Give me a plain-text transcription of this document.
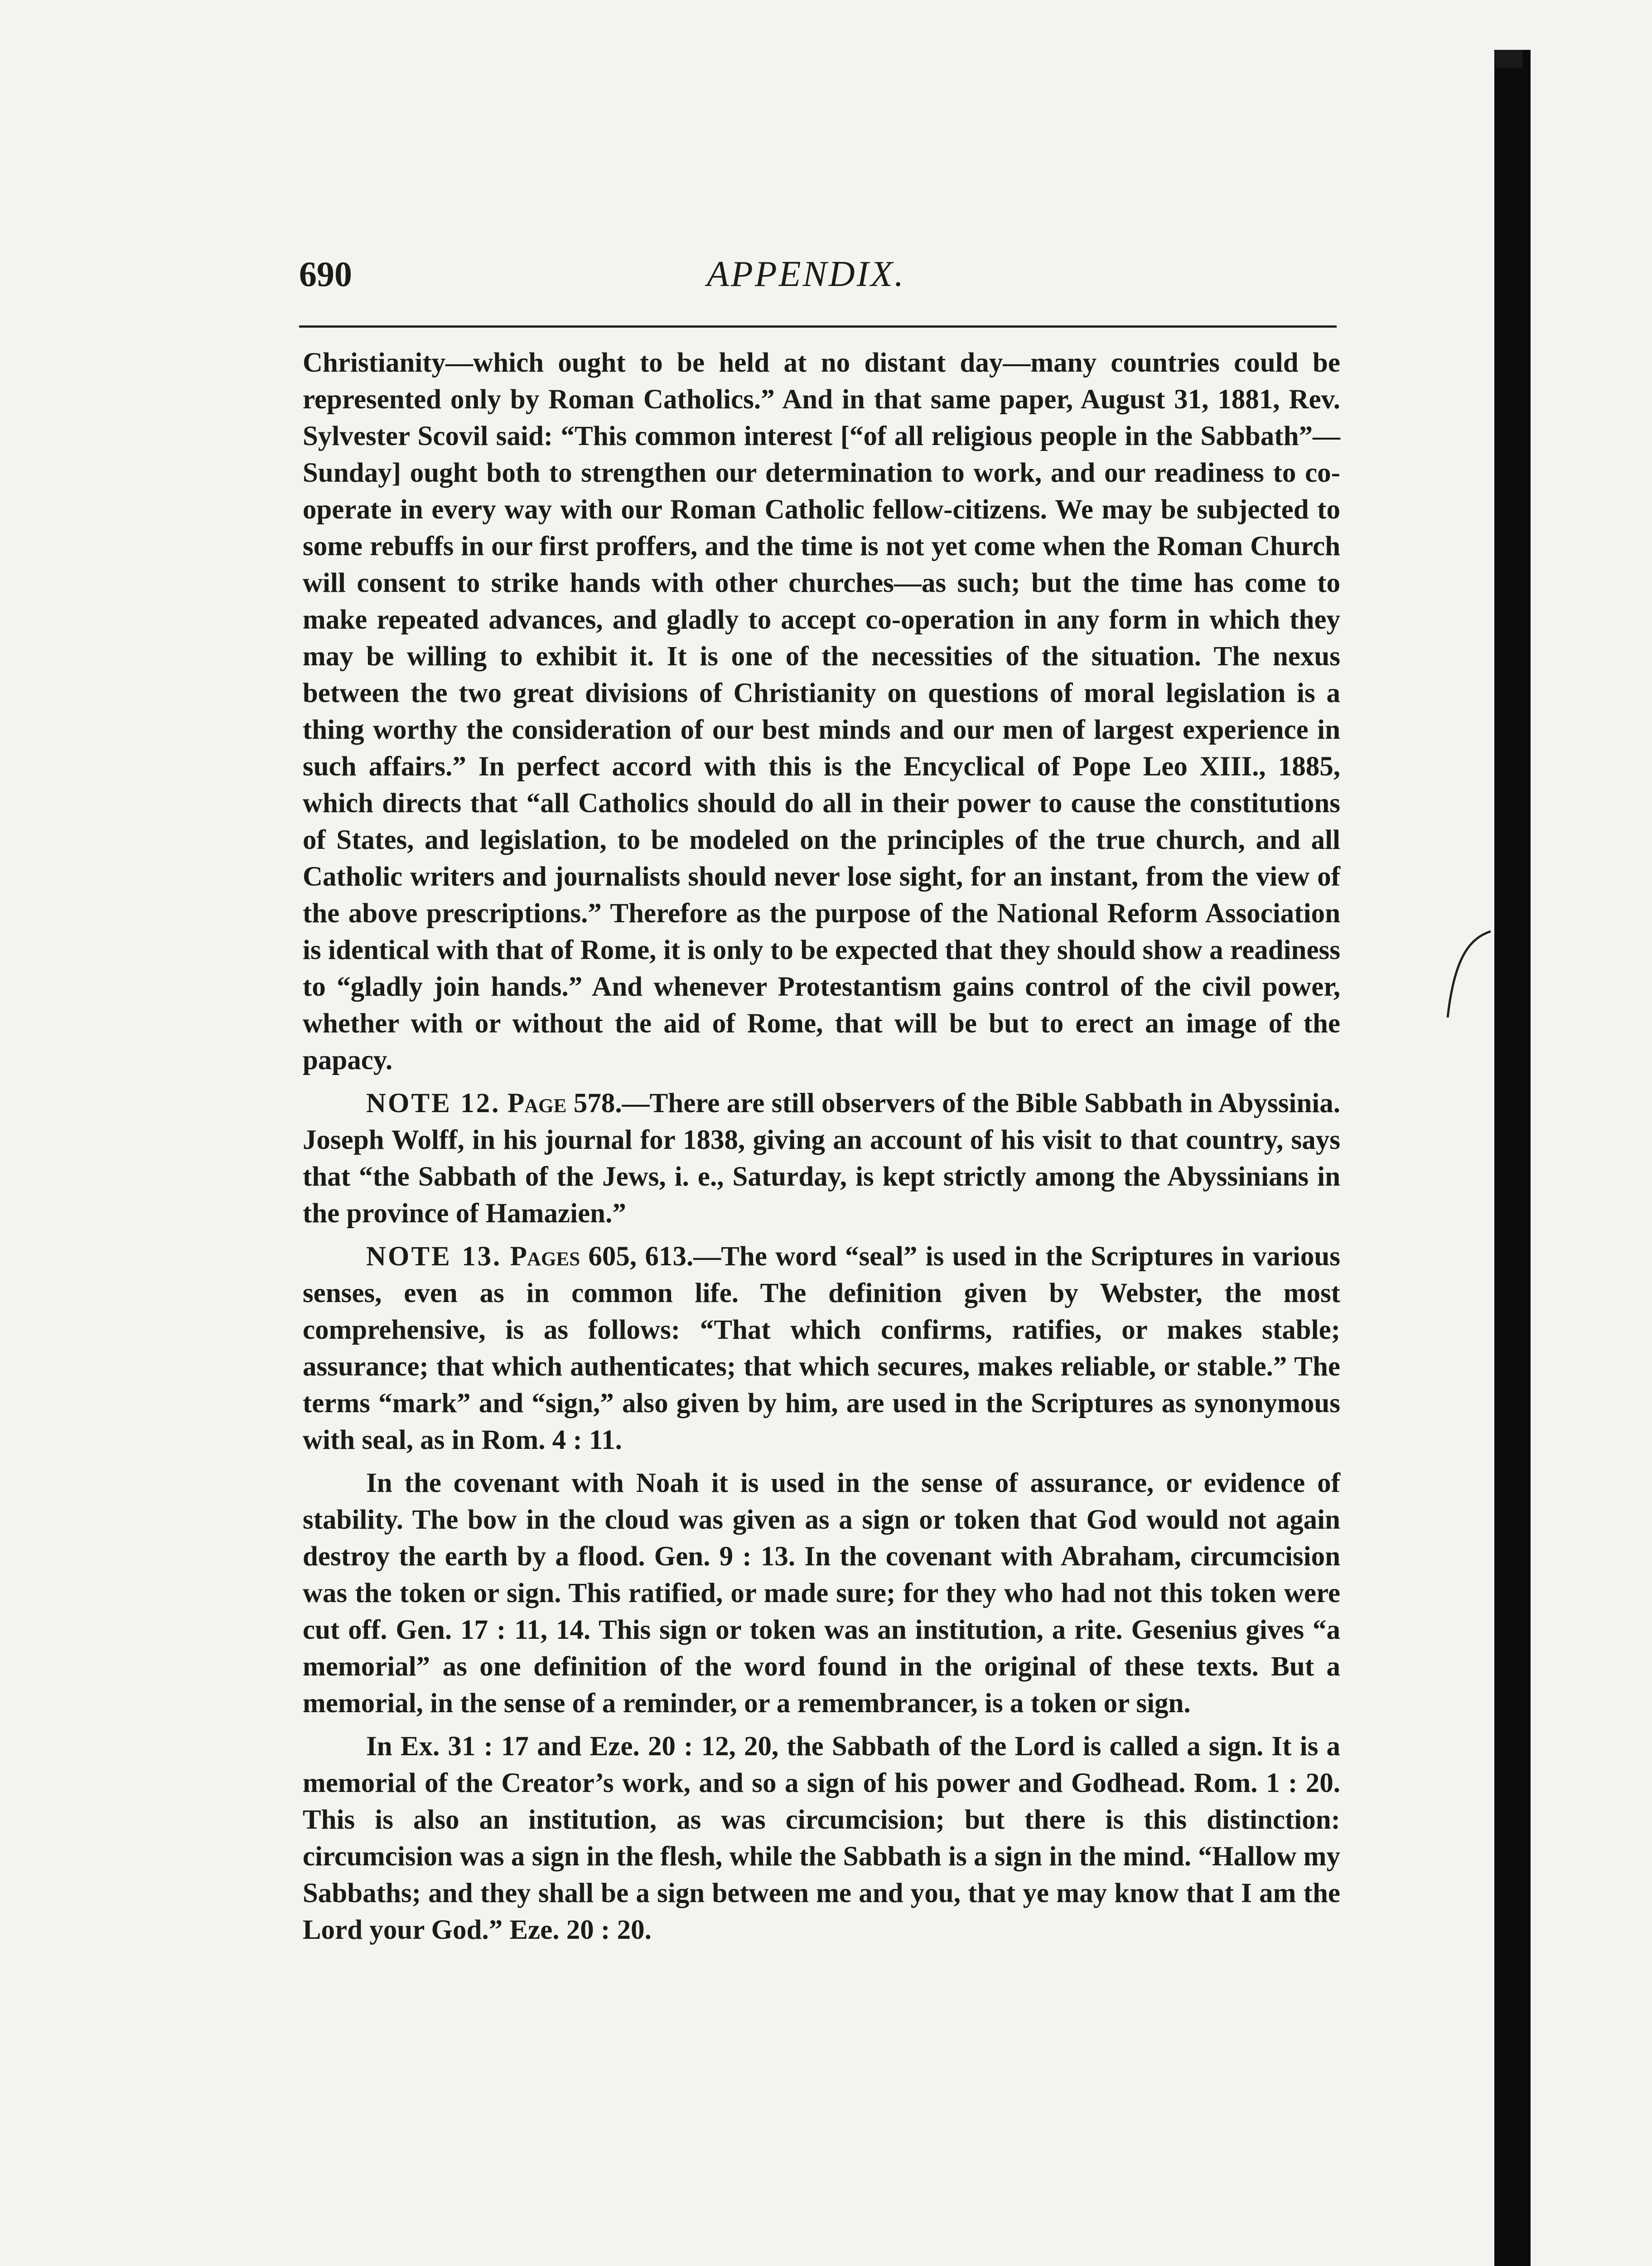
690	APPENDIX.

Christianity—which ought to be held at no distant day—many countries could be represented only by Roman Catholics.” And in that same paper, August 31, 1881, Rev. Sylvester Scovil said: “This common interest [“of all religious people in the Sabbath”—Sunday] ought both to strengthen our determination to work, and our readiness to co-operate in every way with our Roman Catholic fellow-citizens. We may be subjected to some rebuffs in our first proffers, and the time is not yet come when the Roman Church will consent to strike hands with other churches—as such; but the time has come to make repeated advances, and gladly to accept co-operation in any form in which they may be willing to exhibit it. It is one of the necessities of the situation. The nexus between the two great divisions of Christianity on questions of moral legislation is a thing worthy the consideration of our best minds and our men of largest experience in such affairs.” In perfect accord with this is the Encyclical of Pope Leo XIII., 1885, which directs that “all Catholics should do all in their power to cause the constitutions of States, and legislation, to be modeled on the principles of the true church, and all Catholic writers and journalists should never lose sight, for an instant, from the view of the above prescriptions.” Therefore as the purpose of the National Reform Association is identical with that of Rome, it is only to be expected that they should show a readiness to “gladly join hands.” And whenever Protestantism gains control of the civil power, whether with or without the aid of Rome, that will be but to erect an image of the papacy.

NOTE 12. Page 578.—There are still observers of the Bible Sabbath in Abyssinia. Joseph Wolff, in his journal for 1838, giving an account of his visit to that country, says that “the Sabbath of the Jews, i. e., Saturday, is kept strictly among the Abyssinians in the province of Hamazien.”

NOTE 13. Pages 605, 613.—The word “seal” is used in the Scriptures in various senses, even as in common life. The definition given by Webster, the most comprehensive, is as follows: “That which confirms, ratifies, or makes stable; assurance; that which authenticates; that which secures, makes reliable, or stable.” The terms “mark” and “sign,” also given by him, are used in the Scriptures as synonymous with seal, as in Rom. 4 : 11.

In the covenant with Noah it is used in the sense of assurance, or evidence of stability. The bow in the cloud was given as a sign or token that God would not again destroy the earth by a flood. Gen. 9 : 13. In the covenant with Abraham, circumcision was the token or sign. This ratified, or made sure; for they who had not this token were cut off. Gen. 17 : 11, 14. This sign or token was an institution, a rite. Gesenius gives “a memorial” as one definition of the word found in the original of these texts. But a memorial, in the sense of a reminder, or a remembrancer, is a token or sign.

In Ex. 31 : 17 and Eze. 20 : 12, 20, the Sabbath of the Lord is called a sign. It is a memorial of the Creator’s work, and so a sign of his power and Godhead. Rom. 1 : 20. This is also an institution, as was circumcision; but there is this distinction: circumcision was a sign in the flesh, while the Sabbath is a sign in the mind. “Hallow my Sabbaths; and they shall be a sign between me and you, that ye may know that I am the Lord your God.” Eze. 20 : 20.
